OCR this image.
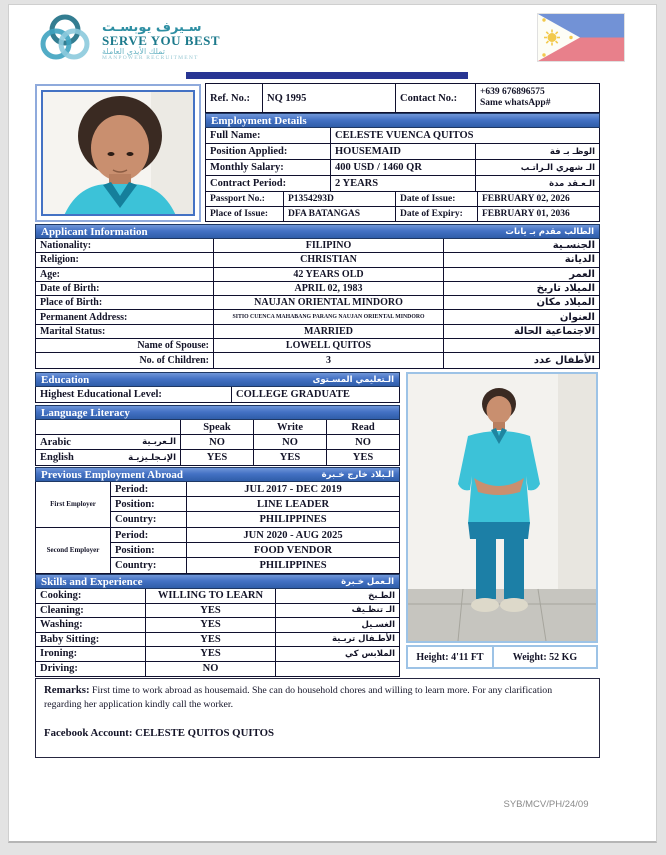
سـيرف يوبسـت
SERVE YOU BEST
تملك الأيدي العاملة
MANPOWER RECRUITMENT
Ref. No.:	NQ 1995	Contact No.:
+639 676896575
Same whatsApp#
Employment Details
Full Name:	CELESTE VUENCA QUITOS
Position Applied:	HOUSEMAID	الوظـ بـ فة
Monthly Salary:	400 USD / 1460 QR	الـ شهري الـراتـب
Contract Period:	2 YEARS	الـعـقد مدة
Passport No.:	P1354293D	Date of Issue:	FEBRUARY 02, 2026
Place of Issue:	DFA BATANGAS	Date of Expiry:	FEBRUARY 01, 2036
Applicant Information	الطالب مقدم بـ يانات
Nationality:	FILIPINO	الجنسـية
Religion:	CHRISTIAN	الديانة
Age:	42 YEARS OLD	العمر
Date of Birth:	APRIL 02, 1983	الميلاد تاريخ
Place of Birth:	NAUJAN ORIENTAL MINDORO	الميلاد مكان
Permanent Address:	SITIO CUENCA MAHABANG PARANG NAUJAN ORIENTAL MINDORO	العنوان
Marital Status:	MARRIED	الاجتماعية الحالة
Name of Spouse:	LOWELL QUITOS
No. of Children:	3	الأطفال عدد
Education	الـتعليمي المسـتوى
Highest Educational Level:	COLLEGE GRADUATE
Language Literacy
Speak	Write	Read
Arabic	الـعربـية	NO	NO	NO
English	الإنـجلـيزيـة	YES	YES	YES
Previous Employment Abroad	الـبلاد خارج خـبرة
First Employer
Period:	JUL 2017 - DEC 2019
Position:	LINE LEADER
Country:	PHILIPPINES
Second Employer
Period:	JUN 2020 - AUG 2025
Position:	FOOD VENDOR
Country:	PHILIPPINES
Skills and Experience	الـعمل خـبرة
Cooking:	WILLING TO LEARN	الطـبخ
Cleaning:	YES	الـ تنظـيف
Washing:	YES	الغسـيل
Baby Sitting:	YES	الأطـفال تربـية
Ironing:	YES	الملابس كي
Driving:	NO
Height: 4'11 FT	Weight: 52 KG
Remarks: First time to work abroad as housemaid. She can do household chores and willing to learn more. For any clarification regarding her application kindly call the worker.
Facebook Account: CELESTE QUITOS QUITOS
SYB/MCV/PH/24/09
